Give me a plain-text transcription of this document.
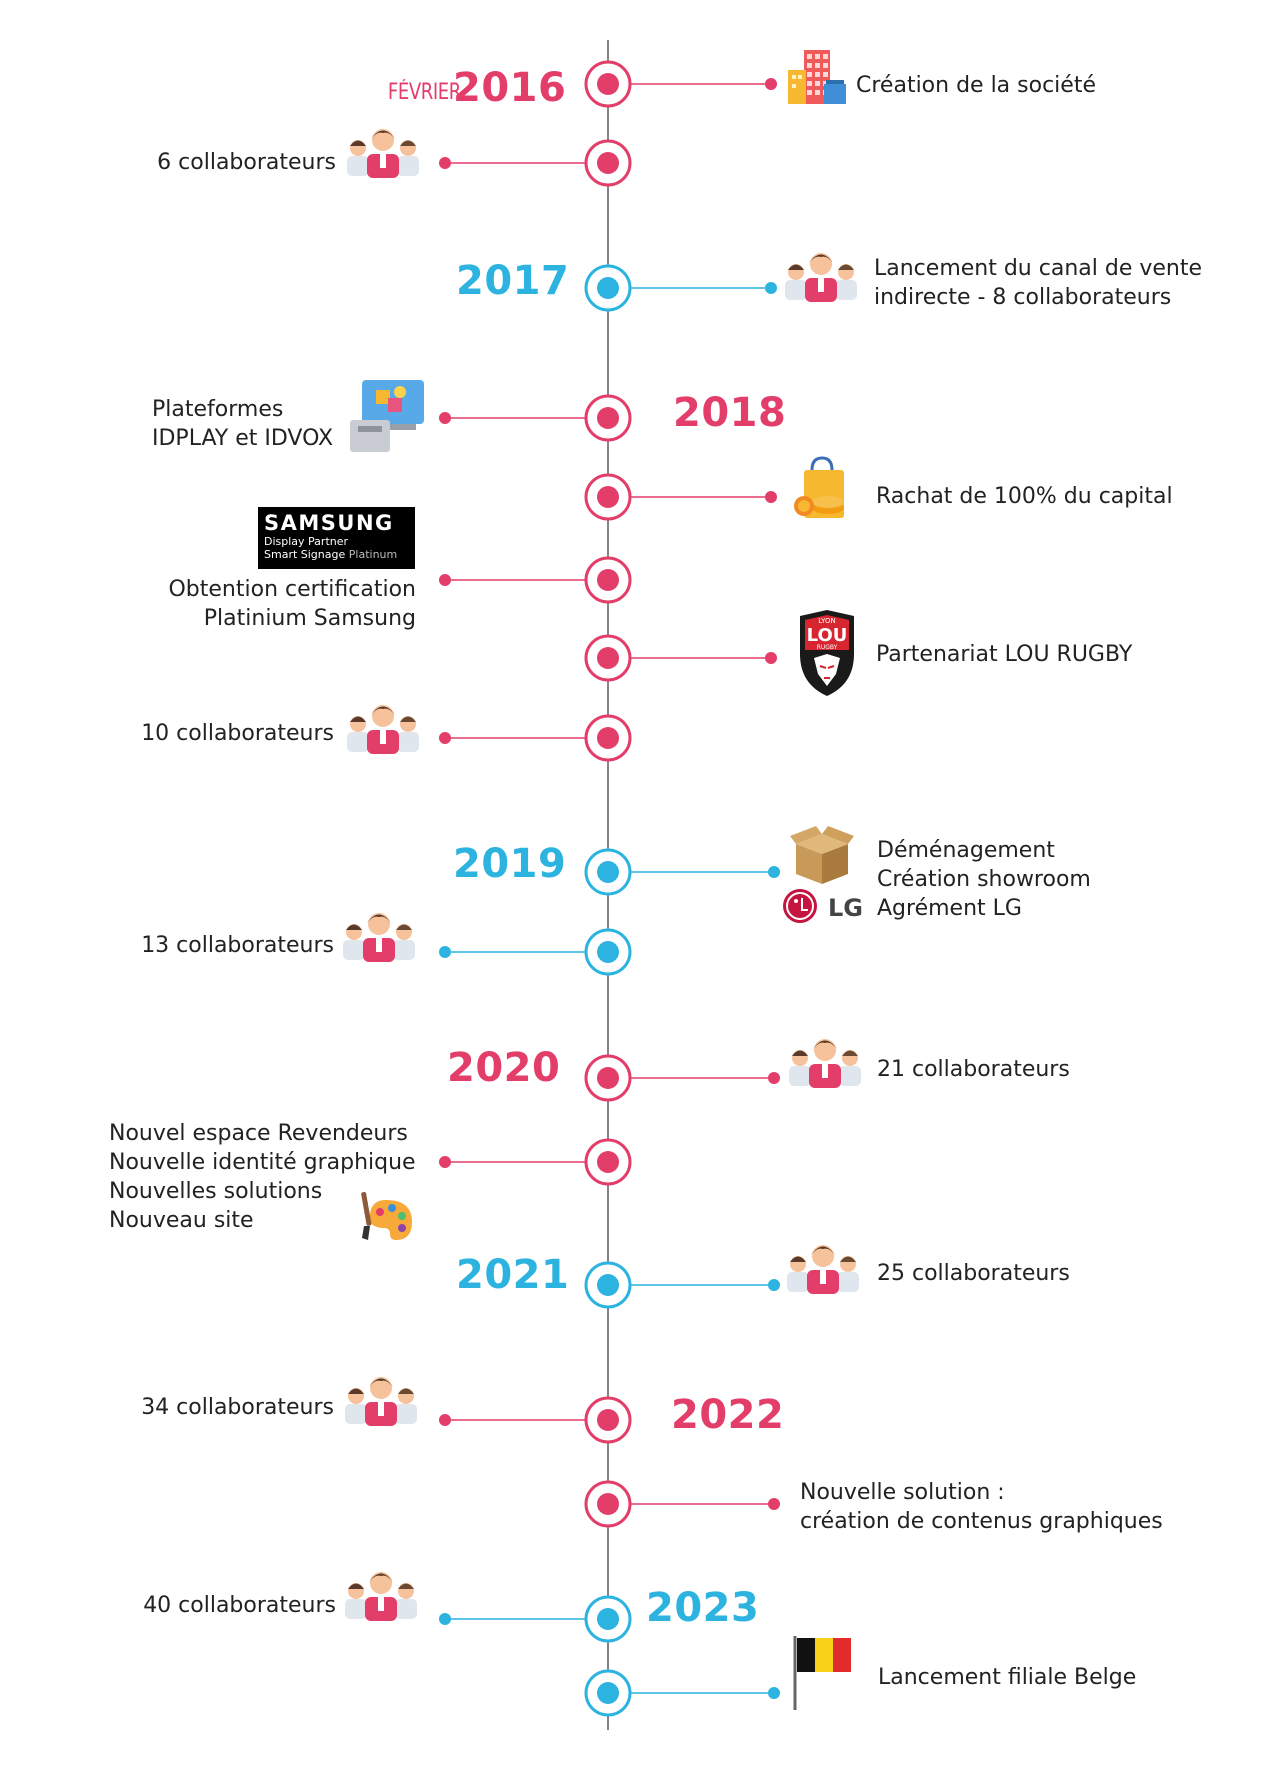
LYON
LOU
RUGBY
FÉVRIER
2016
2017
2018
2019
2020
2021
2022
2023
Création de la société
6 collaborateurs
Lancement du canal de vente
indirecte - 8 collaborateurs
Plateformes
IDPLAY et IDVOX
Rachat de 100% du capital
Obtention certification
Platinium Samsung
Partenariat LOU RUGBY
10 collaborateurs
Déménagement
Création showroom
Agrément LG
13 collaborateurs
21 collaborateurs
Nouvel espace Revendeurs
Nouvelle identité graphique
Nouvelles solutions
Nouveau site
25 collaborateurs
34 collaborateurs
Nouvelle solution :
création de contenus graphiques
40 collaborateurs
Lancement filiale Belge
SAMSUNG
Display Partner
Smart Signage Platinum
LG
